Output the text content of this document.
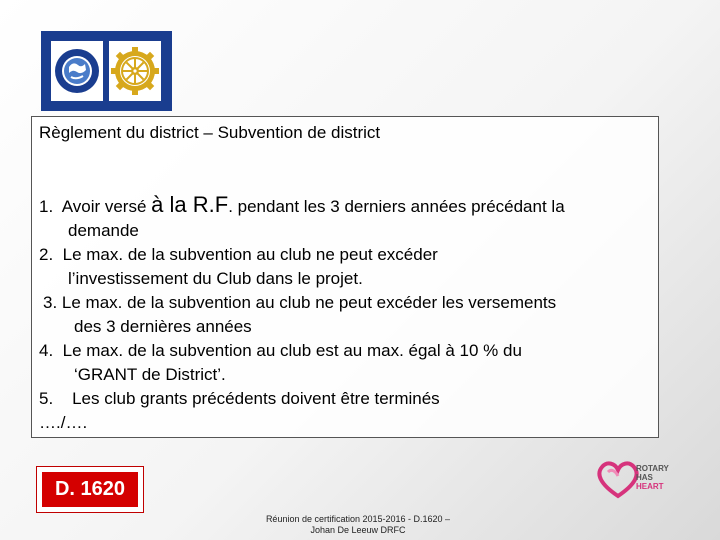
Règlement du district – Subvention de district
1. Avoir versé à la R.F. pendant les 3 derniers années précédant la
demande
2. Le max. de la subvention au club ne peut excéder
l’investissement du Club dans le projet.
3. Le max. de la subvention au club ne peut excéder les versements
des 3 dernières années
4. Le max. de la subvention au club est au max. égal à 10 % du
‘GRANT de District’.
5. Les club grants précédents doivent être terminés
…./….
D. 1620
Réunion de certification 2015-2016 - D.1620 –
Johan De Leeuw DRFC
ROTARY
HAS
HEART
